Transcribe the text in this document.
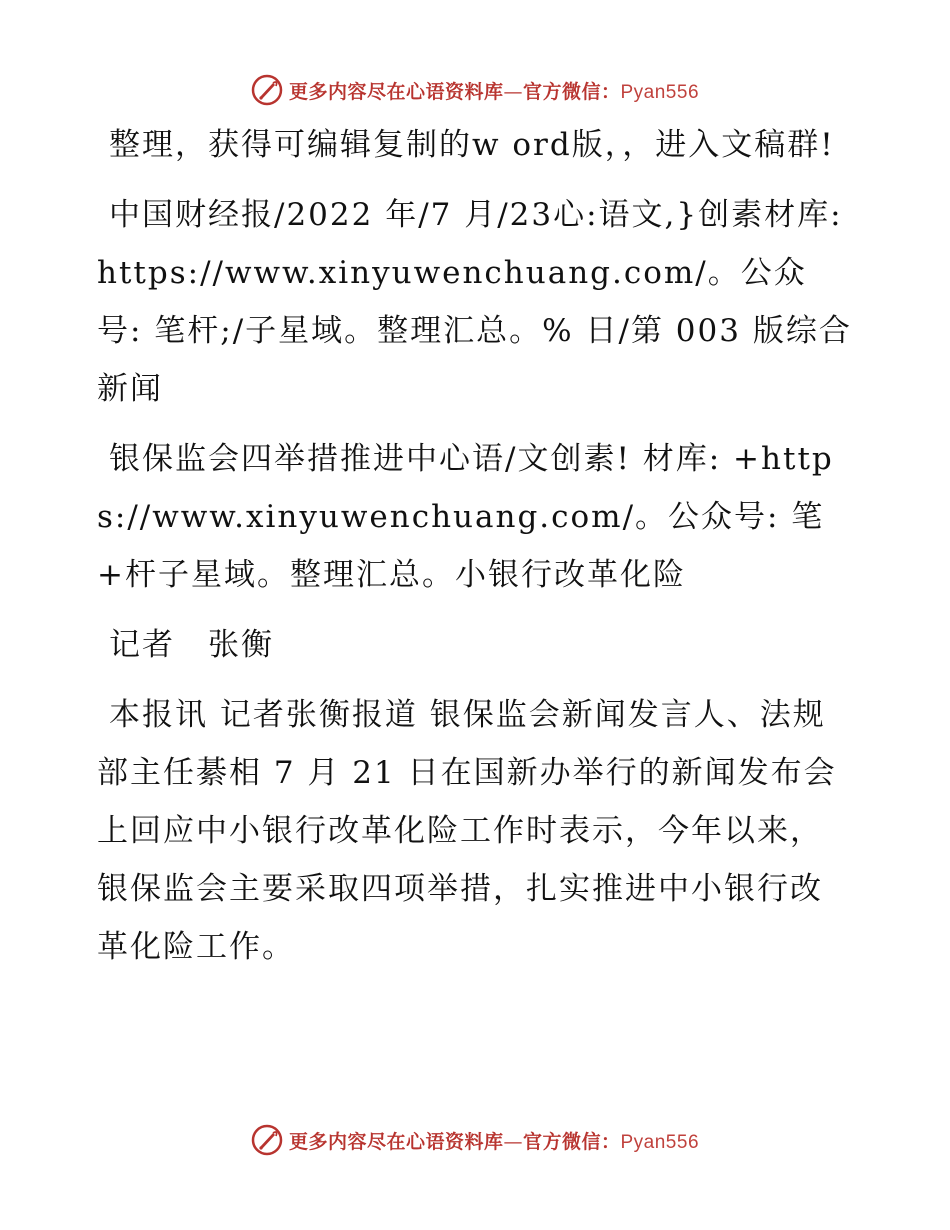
更多内容尽在心语资料库—官方微信：Pyan556

整理，获得可编辑复制的w ord版，，进入文稿群!

中国财经报/2022 年/7 月/23心:语文,}创素材库: https://www.xinyuwenchuang.com/。公众号: 笔杆;/子星域。整理汇总。% 日/第 003 版综合新闻

银保监会四举措推进中心语/文创素! 材库: +https://www.xinyuwenchuang.com/。公众号: 笔+杆子星域。整理汇总。小银行改革化险

记者　张衡

本报讯 记者张衡报道 银保监会新闻发言人、法规部主任綦相 7 月 21 日在国新办举行的新闻发布会上回应中小银行改革化险工作时表示，今年以来，银保监会主要采取四项举措，扎实推进中小银行改革化险工作。

更多内容尽在心语资料库—官方微信：Pyan556
